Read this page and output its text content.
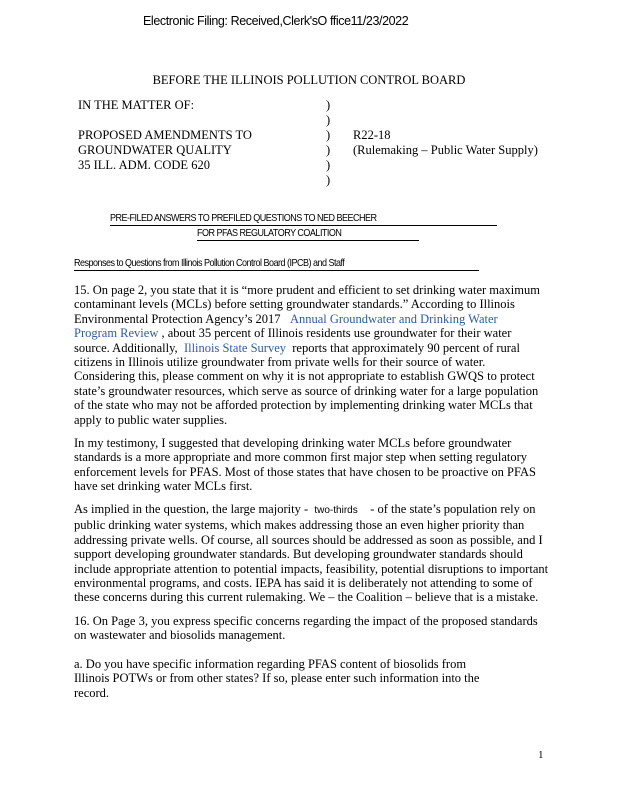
Electronic Filing: Received,Clerk'sO ffice11/23/2022
BEFORE THE ILLINOIS POLLUTION CONTROL BOARD
IN THE MATTER OF:
PROPOSED AMENDMENTS TO
GROUNDWATER QUALITY
35 ILL. ADM. CODE 620
)
)
)
)
)
)
R22-18
(Rulemaking – Public Water Supply)
PRE-FILED ANSWERS TO PREFILED QUESTIONS TO NED BEECHER
FOR PFAS REGULATORY COALITION
Responses to Questions from Illinois Pollution Control Board (IPCB) and Staff
15. On page 2, you state that it is “more prudent and efficient to set drinking water maximum
contaminant levels (MCLs) before setting groundwater standards.” According to Illinois
Environmental Protection Agency’s 2017 Annual Groundwater and Drinking Water
Program Review , about 35 percent of Illinois residents use groundwater for their water
source. Additionally, Illinois State Survey reports that approximately 90 percent of rural
citizens in Illinois utilize groundwater from private wells for their source of water.
Considering this, please comment on why it is not appropriate to establish GWQS to protect
state’s groundwater resources, which serve as source of drinking water for a large population
of the state who may not be afforded protection by implementing drinking water MCLs that
apply to public water supplies.
In my testimony, I suggested that developing drinking water MCLs before groundwater
standards is a more appropriate and more common first major step when setting regulatory
enforcement levels for PFAS. Most of those states that have chosen to be proactive on PFAS
have set drinking water MCLs first.
As implied in the question, the large majority - two-thirds - of the state’s population rely on
public drinking water systems, which makes addressing those an even higher priority than
addressing private wells. Of course, all sources should be addressed as soon as possible, and I
support developing groundwater standards. But developing groundwater standards should
include appropriate attention to potential impacts, feasibility, potential disruptions to important
environmental programs, and costs. IEPA has said it is deliberately not attending to some of
these concerns during this current rulemaking. We – the Coalition – believe that is a mistake.
16. On Page 3, you express specific concerns regarding the impact of the proposed standards
on wastewater and biosolids management.
a. Do you have specific information regarding PFAS content of biosolids from
Illinois POTWs or from other states? If so, please enter such information into the
record.
1
